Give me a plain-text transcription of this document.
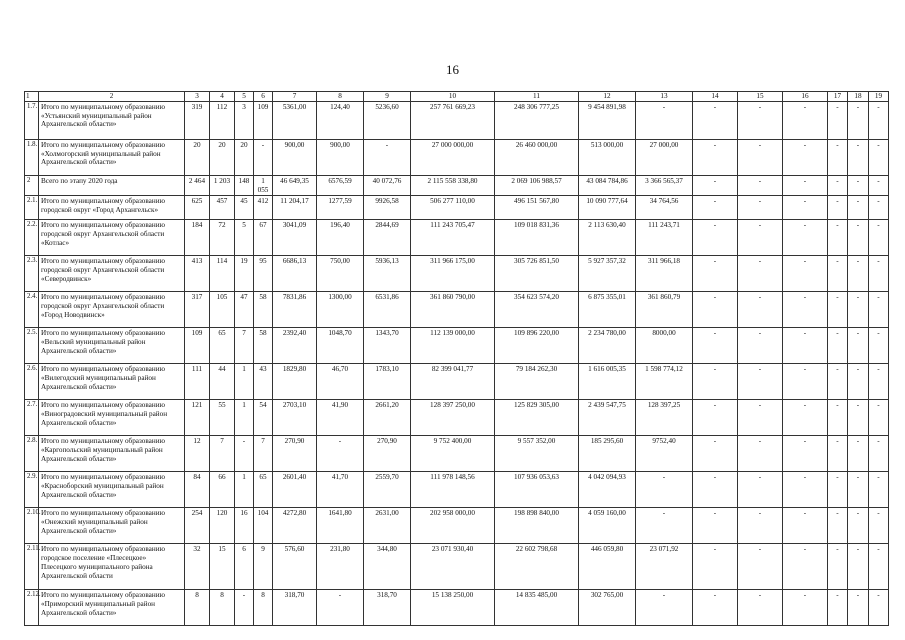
16
1	2	3	4	5	6	7	8	9	10	11	12	13	14	15	16	17	18	19
1.7.	Итого по муниципальному образованию «Устьянский муниципальный район Архангельской области»	319	112	3	109	5361,00	124,40	5236,60	257 761 669,23	248 306 777,25	9 454 891,98	-	-	-	-	-	-	-
1.8.	Итого по муниципальному образованию «Холмогорский муниципальный район Архангельской области»	20	20	20	-	900,00	900,00	-	27 000 000,00	26 460 000,00	513 000,00	27 000,00	-	-	-	-	-	-
2	Всего по этапу 2020 года	2 464	1 203	148	1 055	46 649,35	6576,59	40 072,76	2 115 558 338,80	2 069 106 988,57	43 084 784,86	3 366 565,37	-	-	-	-	-	-
2.1.	Итого по муниципальному образованию городской округ «Город Архангельск»	625	457	45	412	11 204,17	1277,59	9926,58	506 277 110,00	496 151 567,80	10 090 777,64	34 764,56	-	-	-	-	-	-
2.2.	Итого по муниципальному образованию городской округ Архангельской области «Котлас»	184	72	5	67	3041,09	196,40	2844,69	111 243 705,47	109 018 831,36	2 113 630,40	111 243,71	-	-	-	-	-	-
2.3.	Итого по муниципальному образованию городской округ Архангельской области «Северодвинск»	413	114	19	95	6686,13	750,00	5936,13	311 966 175,00	305 726 851,50	5 927 357,32	311 966,18	-	-	-	-	-	-
2.4.	Итого по муниципальному образованию городской округ Архангельской области «Город Новодвинск»	317	105	47	58	7831,86	1300,00	6531,86	361 860 790,00	354 623 574,20	6 875 355,01	361 860,79	-	-	-	-	-	-
2.5.	Итого по муниципальному образованию «Вельский муниципальный район Архангельской области»	109	65	7	58	2392,40	1048,70	1343,70	112 139 000,00	109 896 220,00	2 234 780,00	8000,00	-	-	-	-	-	-
2.6.	Итого по муниципальному образованию «Вилегодский муниципальный район Архангельской области»	111	44	1	43	1829,80	46,70	1783,10	82 399 041,77	79 184 262,30	1 616 005,35	1 598 774,12	-	-	-	-	-	-
2.7.	Итого по муниципальному образованию «Виноградовский муниципальный район Архангельской области»	121	55	1	54	2703,10	41,90	2661,20	128 397 250,00	125 829 305,00	2 439 547,75	128 397,25	-	-	-	-	-	-
2.8.	Итого по муниципальному образованию «Каргопольский муниципальный район Архангельской области»	12	7	-	7	270,90	-	270,90	9 752 400,00	9 557 352,00	185 295,60	9752,40	-	-	-	-	-	-
2.9.	Итого по муниципальному образованию «Красноборский муниципальный район Архангельской области»	84	66	1	65	2601,40	41,70	2559,70	111 978 148,56	107 936 053,63	4 042 094,93	-	-	-	-	-	-	-
2.10.	Итого по муниципальному образованию «Онежский муниципальный район Архангельской области»	254	120	16	104	4272,80	1641,80	2631,00	202 958 000,00	198 898 840,00	4 059 160,00	-	-	-	-	-	-	-
2.11.	Итого по муниципальному образованию городское поселение «Плесецкое» Плесецкого муниципального района Архангельской области	32	15	6	9	576,60	231,80	344,80	23 071 930,40	22 602 798,68	446 059,80	23 071,92	-	-	-	-	-	-
2.12.	Итого по муниципальному образованию «Приморский муниципальный район Архангельской области»	8	8	-	8	318,70	-	318,70	15 138 250,00	14 835 485,00	302 765,00	-	-	-	-	-	-	-
